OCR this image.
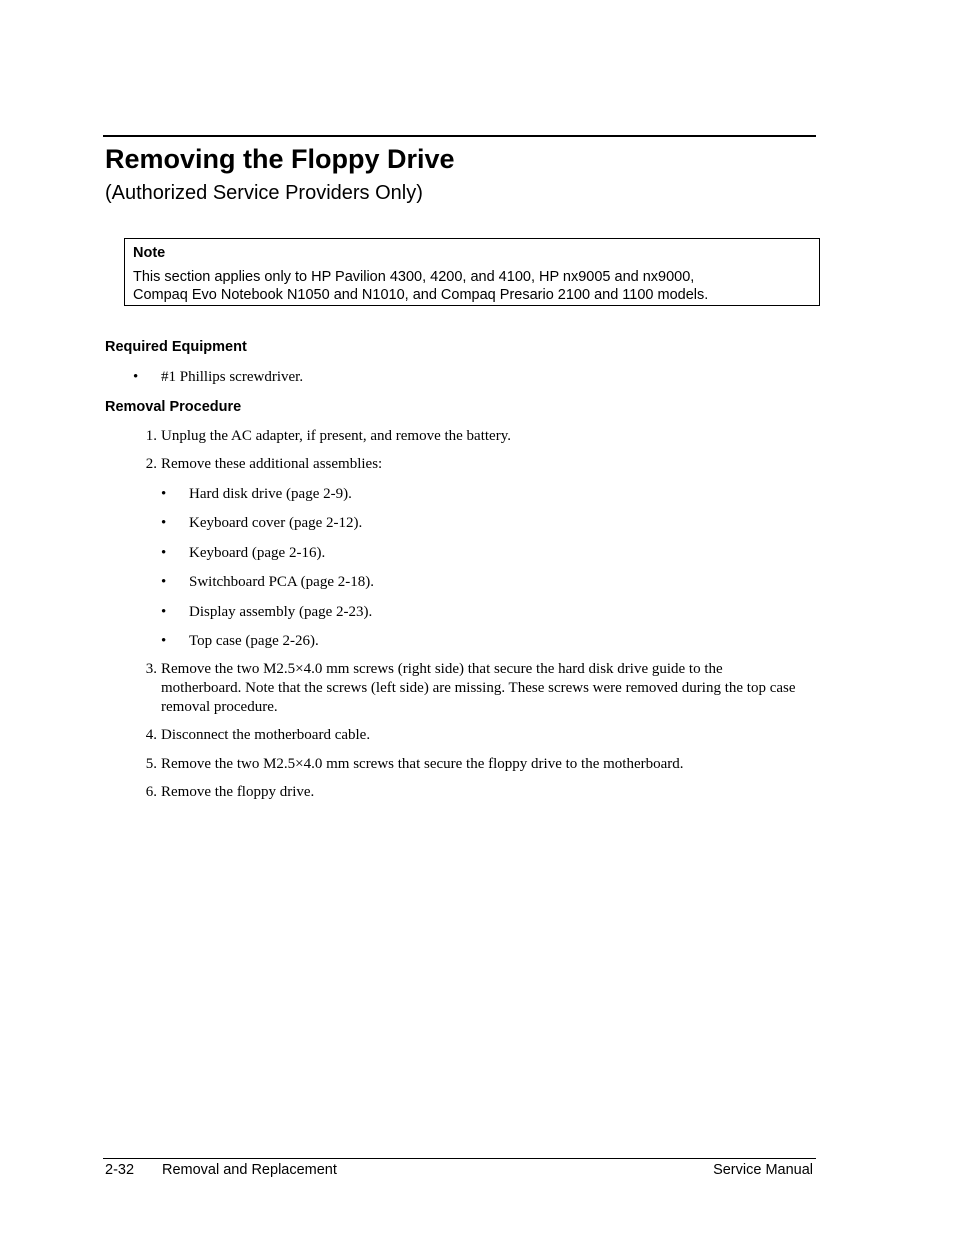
Removing the Floppy Drive
(Authorized Service Providers Only)
Note
This section applies only to HP Pavilion 4300, 4200, and 4100, HP nx9005 and nx9000,
Compaq Evo Notebook N1050 and N1010, and Compaq Presario 2100 and 1100 models.
Required Equipment
• #1 Phillips screwdriver.
Removal Procedure
1. Unplug the AC adapter, if present, and remove the battery.
2. Remove these additional assemblies:
• Hard disk drive (page 2-9).
• Keyboard cover (page 2-12).
• Keyboard (page 2-16).
• Switchboard PCA (page 2-18).
• Display assembly (page 2-23).
• Top case (page 2-26).
3. Remove the two M2.5×4.0 mm screws (right side) that secure the hard disk drive guide to the motherboard. Note that the screws (left side) are missing. These screws were removed during the top case removal procedure.
4. Disconnect the motherboard cable.
5. Remove the two M2.5×4.0 mm screws that secure the floppy drive to the motherboard.
6. Remove the floppy drive.
2-32 Removal and Replacement	Service Manual
